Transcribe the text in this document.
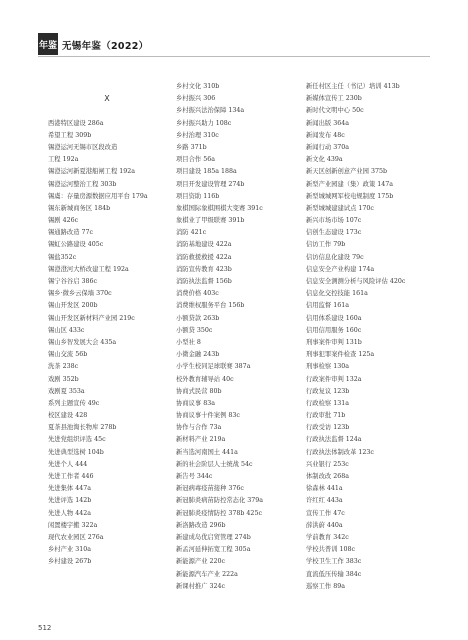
年鉴 无锡年鉴（2022）
X
西港特区建设 286a
希望工程 309b
锡澄运河无锡市区段改造
工程 192a
锡澄运河新夏港船闸工程 192a
锡澄运河整治工程 303b
锡虞：存量房源数据应用平台 179a
锡东新城商务区 184b
锡剧 426c
锡通路改造 77c
锡虹公路建设 405c
锡盐352c
锡澄澄河大桥改建工程 192a
锡宁谷谷启 386c
锡乡·微乡云保墙 370c
锡山开发区 200b
锡山开发区新材料产业园 219c
锡山区 433c
锡山乡智发展大会 435a
锡山交流 56b
洗茶 238c
戏剧 352b
戏剧夏 353a
系列主题宣传 49c
校区建设 428
夏茶县池淘长物库 278b
先进党组织评选 45c
先进典型选树 104b
先进个人 444
先进工作者 446
先进集体 447a
先进评选 142b
先进人物 442a
闲置楼宇搬 322a
现代农业园区 276a
乡村产业 310a
乡村建设 267b
乡村文化 310b
乡村振兴 306
乡村振兴法治保障 134a
乡村振兴助力 108c
乡村治理 310c
乡路 371b
项目合作 56a
项目建设 185a 188a
项目开发建设管理 274b
项目资助 116b
象棋国际象棋围棋大变赛 391c
象棋业了甲级联赛 391b
消防 421c
消防基地建设 422a
消防救援救援 422a
消防宣传教育 423b
消防执法监督 156b
消费价格 403c
消费维权服务平台 156b
小额贷款 263b
小额贷 350c
小型社 8
小微金融 243b
小学生校同足球联赛 387a
校外教育辅导站 40c
协商式民营 80b
协商议事 83a
协商议事十件案例 83c
协作与合作 73a
新材料产业 219a
新当选河南国土 441a
新的社会阶层人士统战 54c
新告号 344c
新冠病毒疫苗接种 376c
新冠肺炎病苗防控常态化 379a
新冠肺炎疫情防控 378b 425c
新洛路改造 296b
新建成岛优启贸管理 274b
新孟河延伸拓宽工程 305a
新能源产业 220c
新能源汽车产业 222a
新课村推广 324c
新任村区主任（书记）培训 413b
新媒体宣传工 230b
新时代文明中心 50c
新闻出版 364a
新闻发布 48c
新闻行动 370a
新文化 439a
新天区创新创意产业园 375b
新型产业园建（集）政策 147a
新型城城网军校电规制度 175b
新型城城建建试点 170c
新兴市场市场 107c
信创生态建设 173c
信访工作 79b
信访信息化建设 79c
信息安全产业构建 174a
信息安全测测分析与风险评估 420c
信息化交控技能 161a
信用监督 161a
信用体系建设 160a
信用信用服务 160c
刑事案件审判 131b
刑事犯罪案件检查 125a
刑事检察 130a
行政案件审判 132a
行政复议 123b
行政检察 131a
行政审批 71b
行政受访 123b
行政执法监督 124a
行政执法体制改革 123c
兴业银行 253c
体制改改 268a
徐森林 441a
许红红 443a
宣传工作 47c
薛洪蔚 440a
学前教育 342c
学校共普训 108c
学校卫生工作 383c
直流低压传输 384c
巡察工作 89a
512
